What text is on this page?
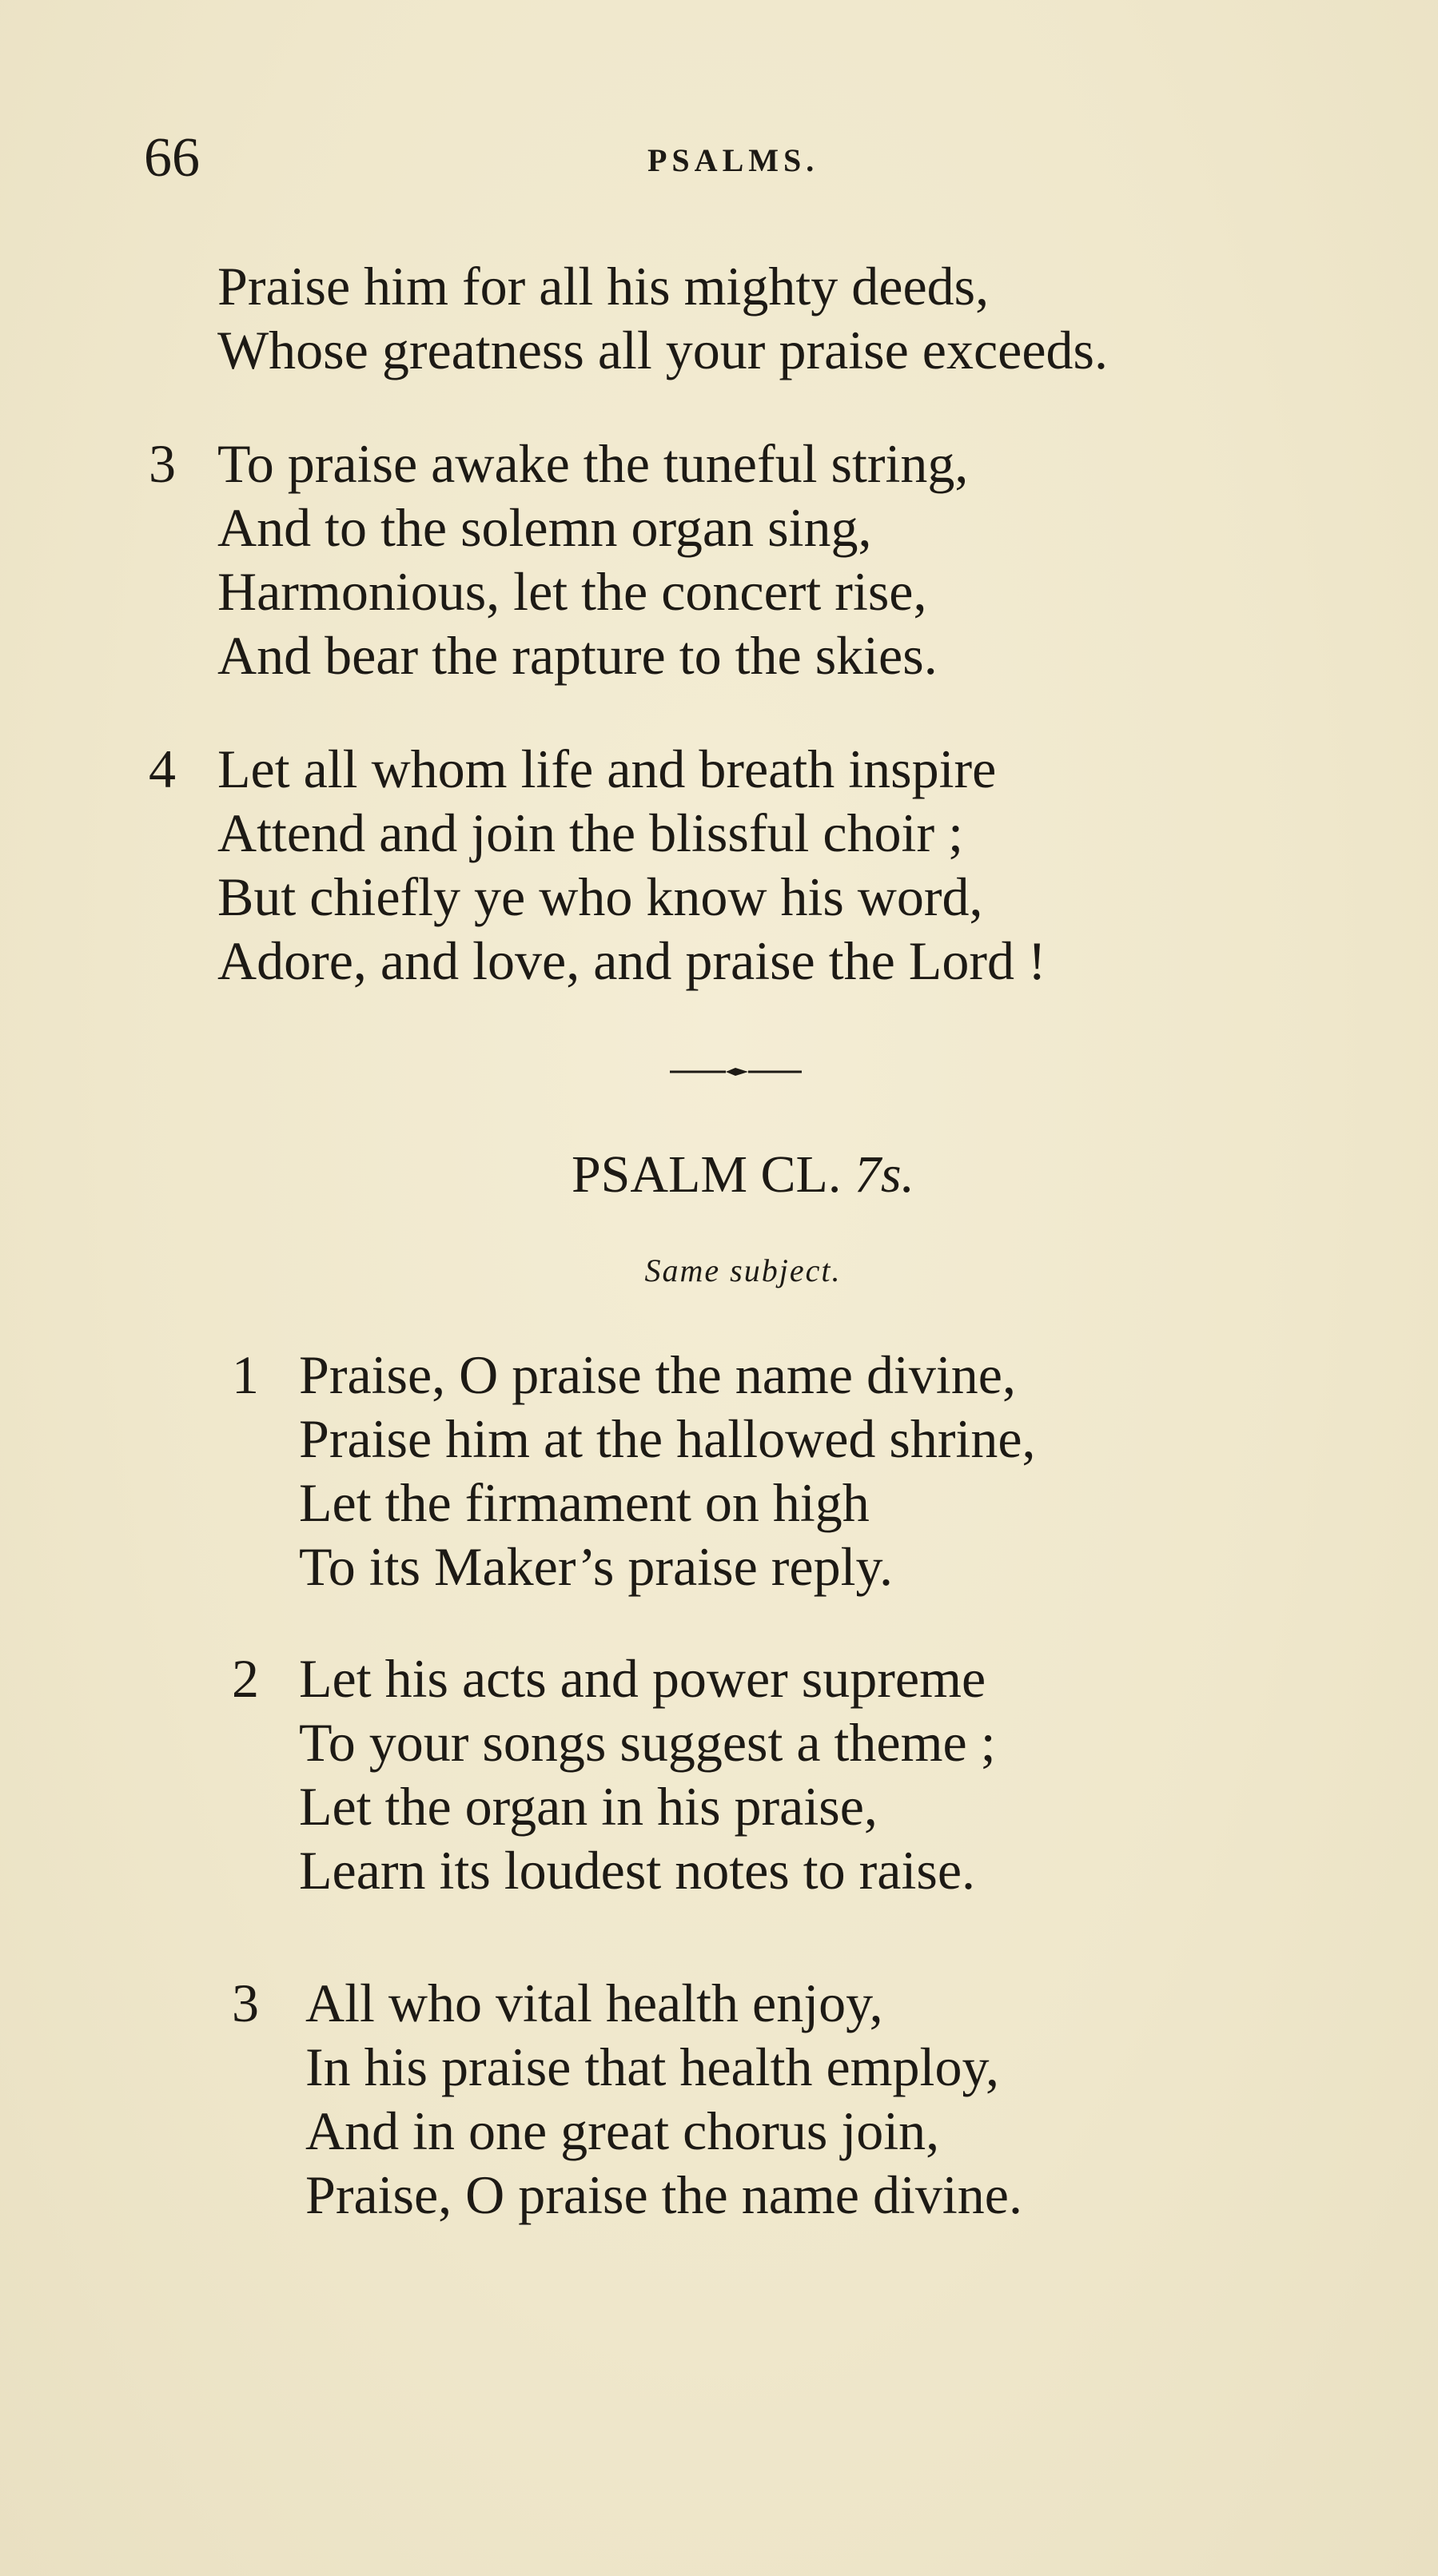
66	PSALMS.
Praise him for all his mighty deeds,
Whose greatness all your praise exceeds.
3 To praise awake the tuneful string,
And to the solemn organ sing,
Harmonious, let the concert rise,
And bear the rapture to the skies.
4 Let all whom life and breath inspire
Attend and join the blissful choir ;
But chiefly ye who know his word,
Adore, and love, and praise the Lord !
PSALM CL. 7s.
Same subject.
1 Praise, O praise the name divine,
Praise him at the hallowed shrine,
Let the firmament on high
To its Maker’s praise reply.
2 Let his acts and power supreme
To your songs suggest a theme ;
Let the organ in his praise,
Learn its loudest notes to raise.
3 All who vital health enjoy,
In his praise that health employ,
And in one great chorus join,
Praise, O praise the name divine.
